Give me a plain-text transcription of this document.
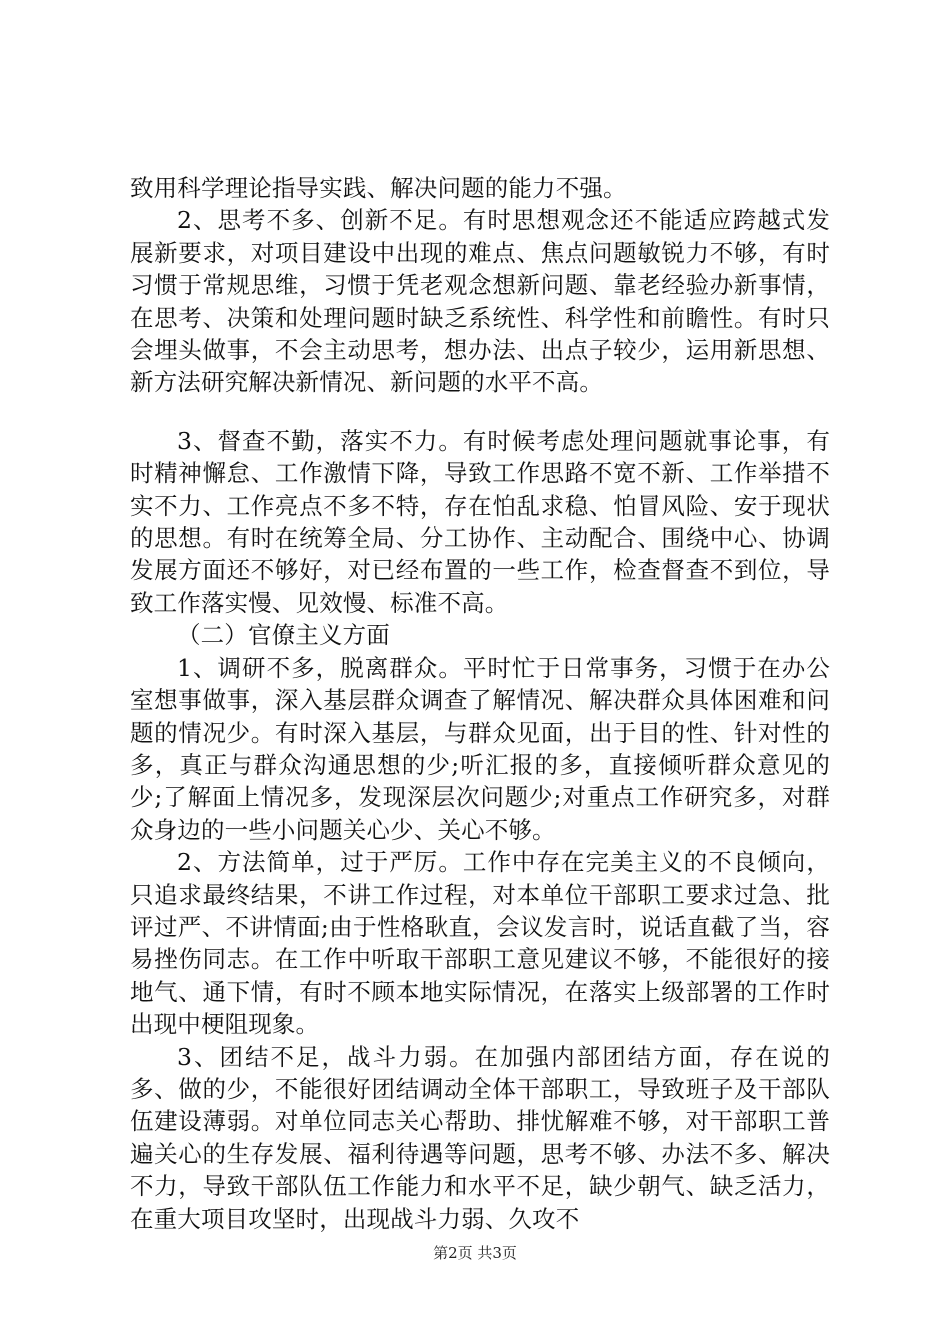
致用科学理论指导实践、解决问题的能力不强。

2、思考不多、创新不足。有时思想观念还不能适应跨越式发展新要求，对项目建设中出现的难点、焦点问题敏锐力不够，有时习惯于常规思维，习惯于凭老观念想新问题、靠老经验办新事情，在思考、决策和处理问题时缺乏系统性、科学性和前瞻性。有时只会埋头做事，不会主动思考，想办法、出点子较少，运用新思想、新方法研究解决新情况、新问题的水平不高。

3、督查不勤，落实不力。有时候考虑处理问题就事论事，有时精神懈怠、工作激情下降，导致工作思路不宽不新、工作举措不实不力、工作亮点不多不特，存在怕乱求稳、怕冒风险、安于现状的思想。有时在统筹全局、分工协作、主动配合、围绕中心、协调发展方面还不够好，对已经布置的一些工作，检查督查不到位，导致工作落实慢、见效慢、标准不高。

（二）官僚主义方面

1、调研不多，脱离群众。平时忙于日常事务，习惯于在办公室想事做事，深入基层群众调查了解情况、解决群众具体困难和问题的情况少。有时深入基层，与群众见面，出于目的性、针对性的多，真正与群众沟通思想的少;听汇报的多，直接倾听群众意见的少;了解面上情况多，发现深层次问题少;对重点工作研究多，对群众身边的一些小问题关心少、关心不够。

2、方法简单，过于严厉。工作中存在完美主义的不良倾向，只追求最终结果，不讲工作过程，对本单位干部职工要求过急、批评过严、不讲情面;由于性格耿直，会议发言时，说话直截了当，容易挫伤同志。在工作中听取干部职工意见建议不够，不能很好的接地气、通下情，有时不顾本地实际情况，在落实上级部署的工作时出现中梗阻现象。

3、团结不足，战斗力弱。在加强内部团结方面，存在说的多、做的少，不能很好团结调动全体干部职工，导致班子及干部队伍建设薄弱。对单位同志关心帮助、排忧解难不够，对干部职工普遍关心的生存发展、福利待遇等问题，思考不够、办法不多、解决不力，导致干部队伍工作能力和水平不足，缺少朝气、缺乏活力，在重大项目攻坚时，出现战斗力弱、久攻不

第2页 共3页
